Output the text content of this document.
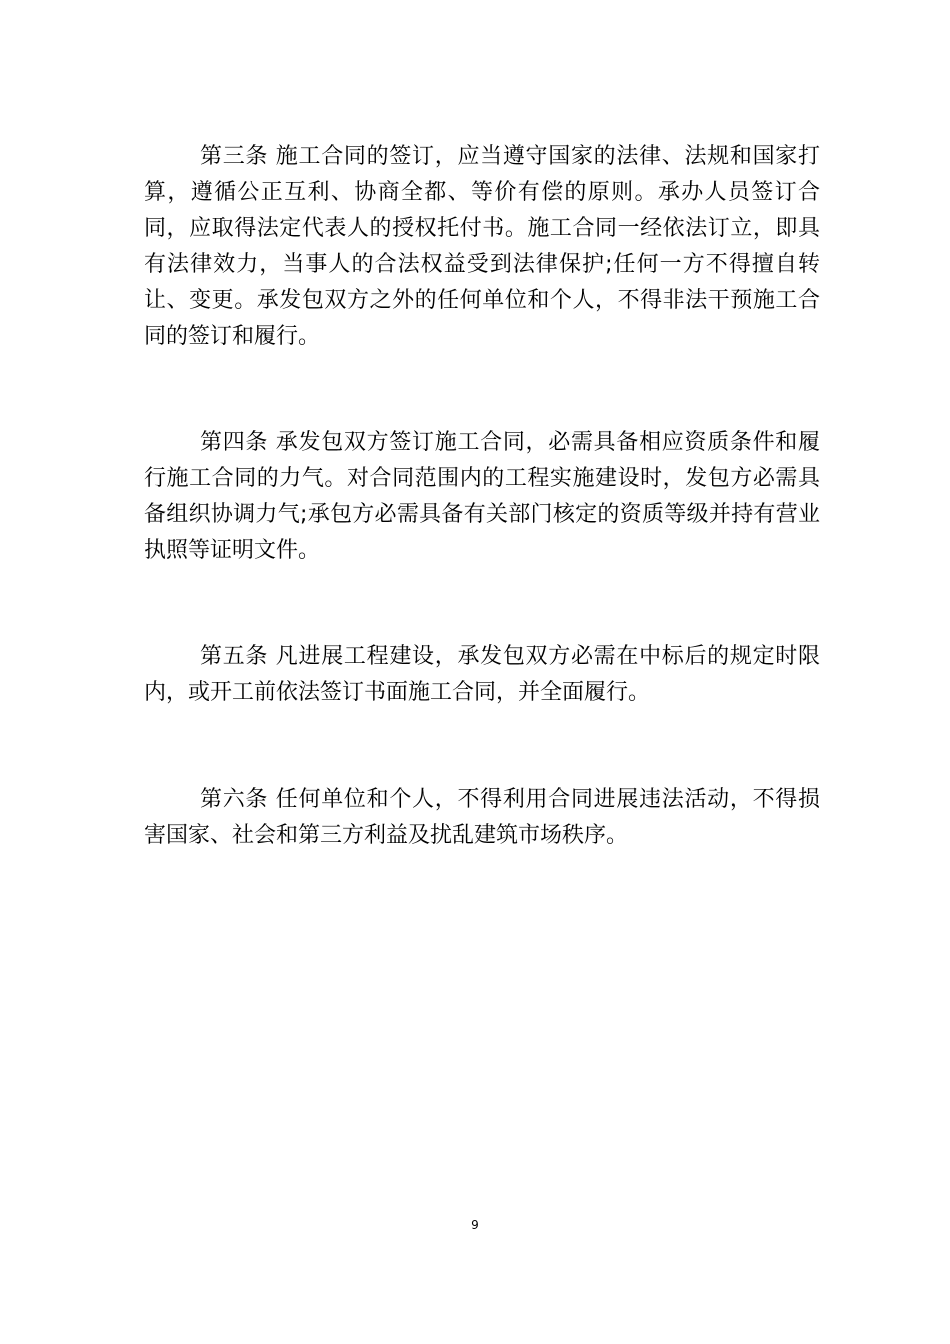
第三条 施工合同的签订，应当遵守国家的法律、法规和国家打算，遵循公正互利、协商全都、等价有偿的原则。承办人员签订合同，应取得法定代表人的授权托付书。施工合同一经依法订立，即具有法律效力，当事人的合法权益受到法律保护;任何一方不得擅自转让、变更。承发包双方之外的任何单位和个人，不得非法干预施工合同的签订和履行。

第四条 承发包双方签订施工合同，必需具备相应资质条件和履行施工合同的力气。对合同范围内的工程实施建设时，发包方必需具备组织协调力气;承包方必需具备有关部门核定的资质等级并持有营业执照等证明文件。

第五条 凡进展工程建设，承发包双方必需在中标后的规定时限内，或开工前依法签订书面施工合同，并全面履行。

第六条 任何单位和个人，不得利用合同进展违法活动，不得损害国家、社会和第三方利益及扰乱建筑市场秩序。

9
